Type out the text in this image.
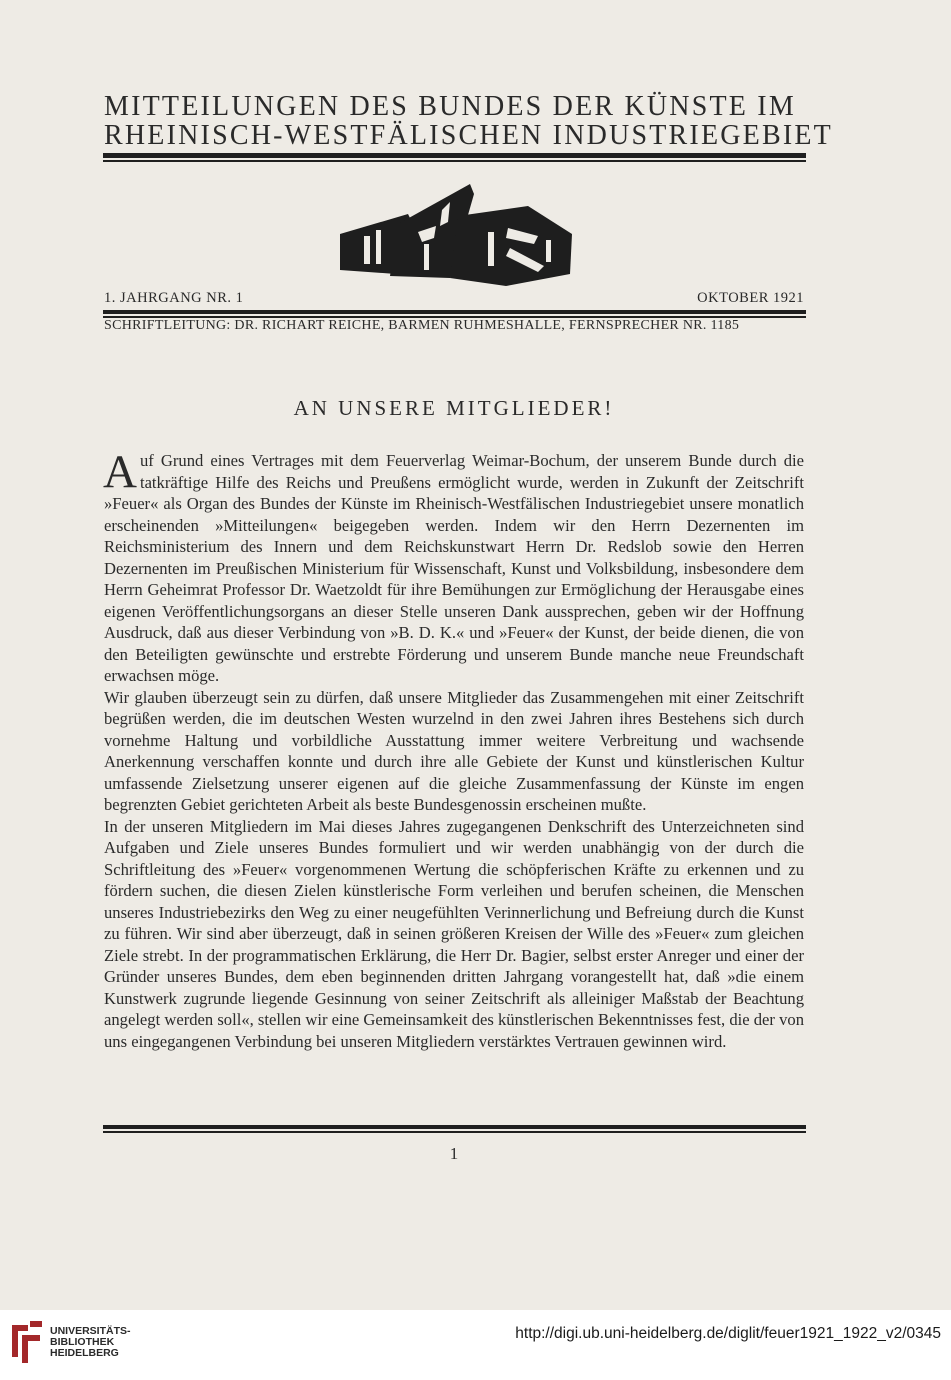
MITTEILUNGEN DES BUNDES DER KÜNSTE IM
RHEINISCH-WESTFÄLISCHEN INDUSTRIEGEBIET
1. JAHRGANG NR. 1	OKTOBER 1921
SCHRIFTLEITUNG: DR. RICHART REICHE, BARMEN RUHMESHALLE, FERNSPRECHER NR. 1185
AN UNSERE MITGLIEDER!

Auf Grund eines Vertrages mit dem Feuerverlag Weimar-Bochum, der unserem Bunde durch die tatkräftige Hilfe des Reichs und Preußens ermöglicht wurde, werden in Zukunft der Zeitschrift »Feuer« als Organ des Bundes der Künste im Rheinisch-Westfälischen Industriegebiet unsere monatlich erscheinenden »Mitteilungen« beigegeben werden. Indem wir den Herrn Dezernenten im Reichsministerium des Innern und dem Reichskunstwart Herrn Dr. Redslob sowie den Herren Dezernenten im Preußischen Ministerium für Wissenschaft, Kunst und Volksbildung, insbesondere dem Herrn Geheimrat Professor Dr. Waetzoldt für ihre Bemühungen zur Ermöglichung der Herausgabe eines eigenen Veröffentlichungsorgans an dieser Stelle unseren Dank aussprechen, geben wir der Hoffnung Ausdruck, daß aus dieser Verbindung von »B. D. K.« und »Feuer« der Kunst, der beide dienen, die von den Beteiligten gewünschte und erstrebte Förderung und unserem Bunde manche neue Freundschaft erwachsen möge.

Wir glauben überzeugt sein zu dürfen, daß unsere Mitglieder das Zusammengehen mit einer Zeitschrift begrüßen werden, die im deutschen Westen wurzelnd in den zwei Jahren ihres Bestehens sich durch vornehme Haltung und vorbildliche Ausstattung immer weitere Verbreitung und wachsende Anerkennung verschaffen konnte und durch ihre alle Gebiete der Kunst und künstlerischen Kultur umfassende Zielsetzung unserer eigenen auf die gleiche Zusammenfassung der Künste im engen begrenzten Gebiet gerichteten Arbeit als beste Bundesgenossin erscheinen mußte.

In der unseren Mitgliedern im Mai dieses Jahres zugegangenen Denkschrift des Unterzeichneten sind Aufgaben und Ziele unseres Bundes formuliert und wir werden unabhängig von der durch die Schriftleitung des »Feuer« vorgenommenen Wertung die schöpferischen Kräfte zu erkennen und zu fördern suchen, die diesen Zielen künstlerische Form verleihen und berufen scheinen, die Menschen unseres Industriebezirks den Weg zu einer neugefühlten Verinnerlichung und Befreiung durch die Kunst zu führen. Wir sind aber überzeugt, daß in seinen größeren Kreisen der Wille des »Feuer« zum gleichen Ziele strebt. In der programmatischen Erklärung, die Herr Dr. Bagier, selbst erster Anreger und einer der Gründer unseres Bundes, dem eben beginnenden dritten Jahrgang vorangestellt hat, daß »die einem Kunstwerk zugrunde liegende Gesinnung von seiner Zeitschrift als alleiniger Maßstab der Beachtung angelegt werden soll«, stellen wir eine Gemeinsamkeit des künstlerischen Bekenntnisses fest, die der von uns eingegangenen Verbindung bei unseren Mitgliedern verstärktes Vertrauen gewinnen wird.

1
UNIVERSITÄTS-
BIBLIOTHEK
HEIDELBERG
http://digi.ub.uni-heidelberg.de/diglit/feuer1921_1922_v2/0345
